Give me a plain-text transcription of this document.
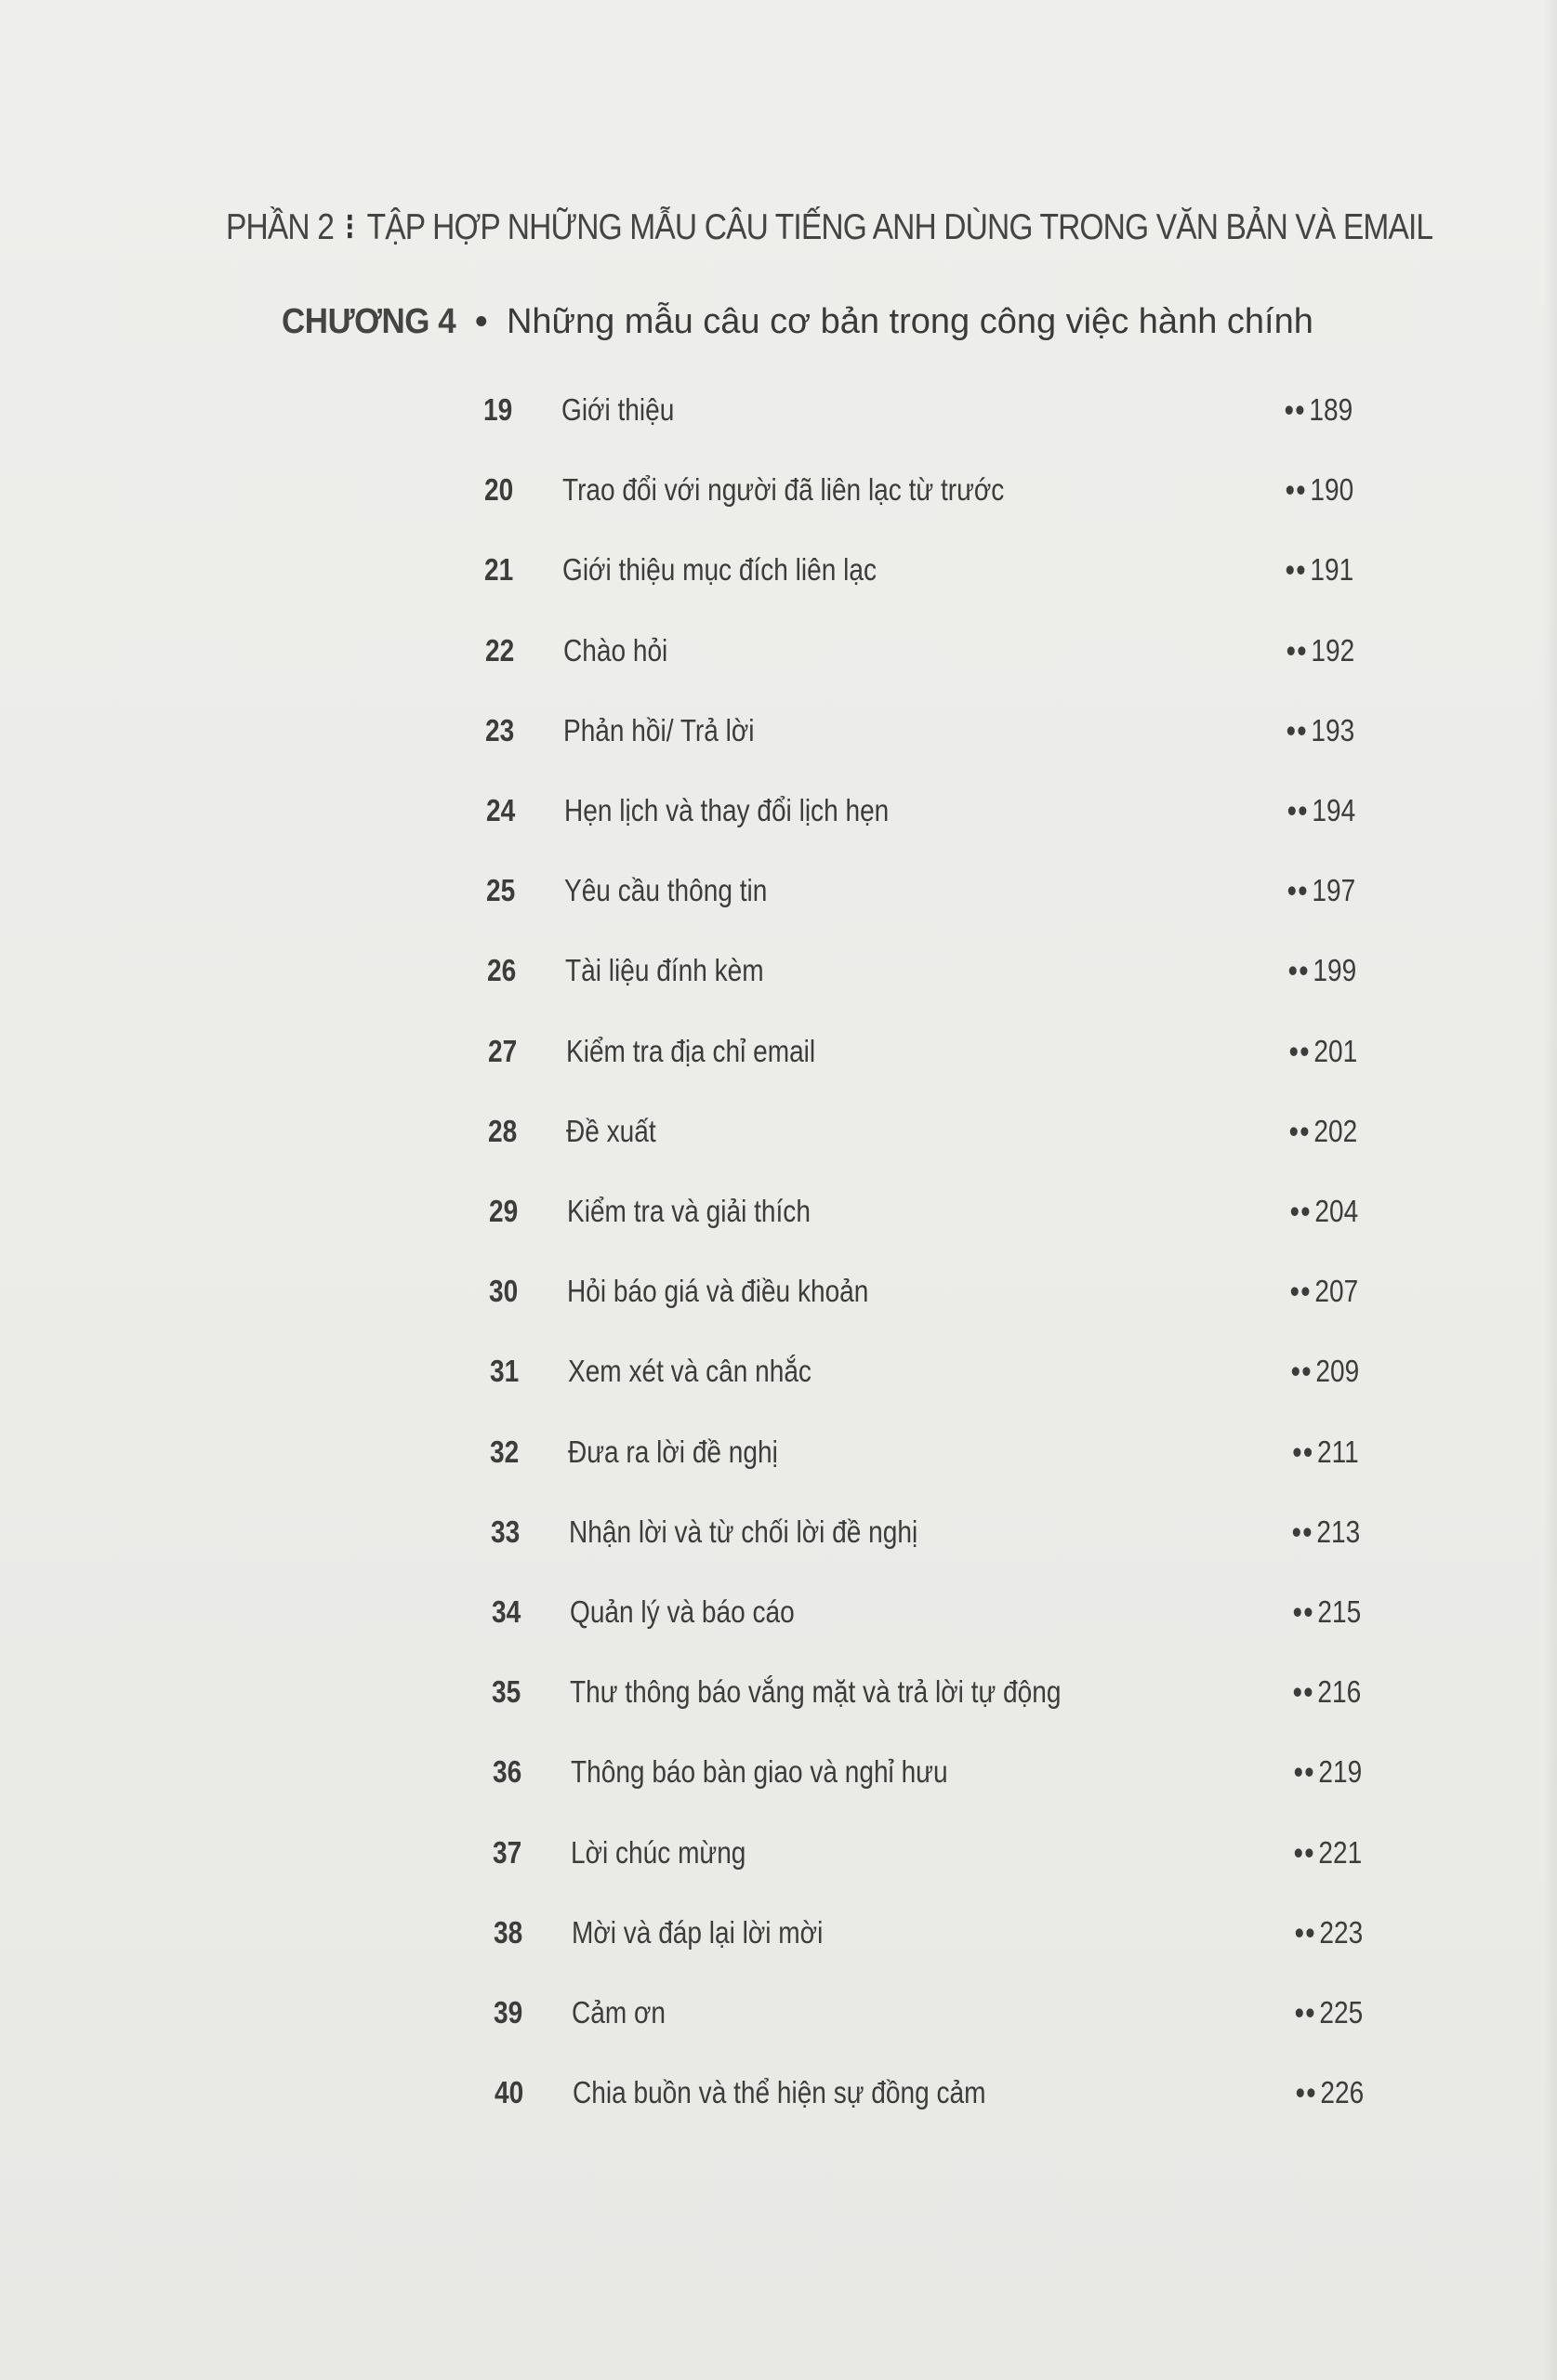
PHẦN 2 ⁝ TẬP HỢP NHỮNG MẪU CÂU TIẾNG ANH DÙNG TRONG VĂN BẢN VÀ EMAIL
CHƯƠNG 4 • Những mẫu câu cơ bản trong công việc hành chính
19	Giới thiệu	•• 189
20	Trao đổi với người đã liên lạc từ trước	•• 190
21	Giới thiệu mục đích liên lạc	•• 191
22	Chào hỏi	•• 192
23	Phản hồi/ Trả lời	•• 193
24	Hẹn lịch và thay đổi lịch hẹn	•• 194
25	Yêu cầu thông tin	•• 197
26	Tài liệu đính kèm	•• 199
27	Kiểm tra địa chỉ email	•• 201
28	Đề xuất	•• 202
29	Kiểm tra và giải thích	•• 204
30	Hỏi báo giá và điều khoản	•• 207
31	Xem xét và cân nhắc	•• 209
32	Đưa ra lời đề nghị	•• 211
33	Nhận lời và từ chối lời đề nghị	•• 213
34	Quản lý và báo cáo	•• 215
35	Thư thông báo vắng mặt và trả lời tự động	•• 216
36	Thông báo bàn giao và nghỉ hưu	•• 219
37	Lời chúc mừng	•• 221
38	Mời và đáp lại lời mời	•• 223
39	Cảm ơn	•• 225
40	Chia buồn và thể hiện sự đồng cảm	•• 226
